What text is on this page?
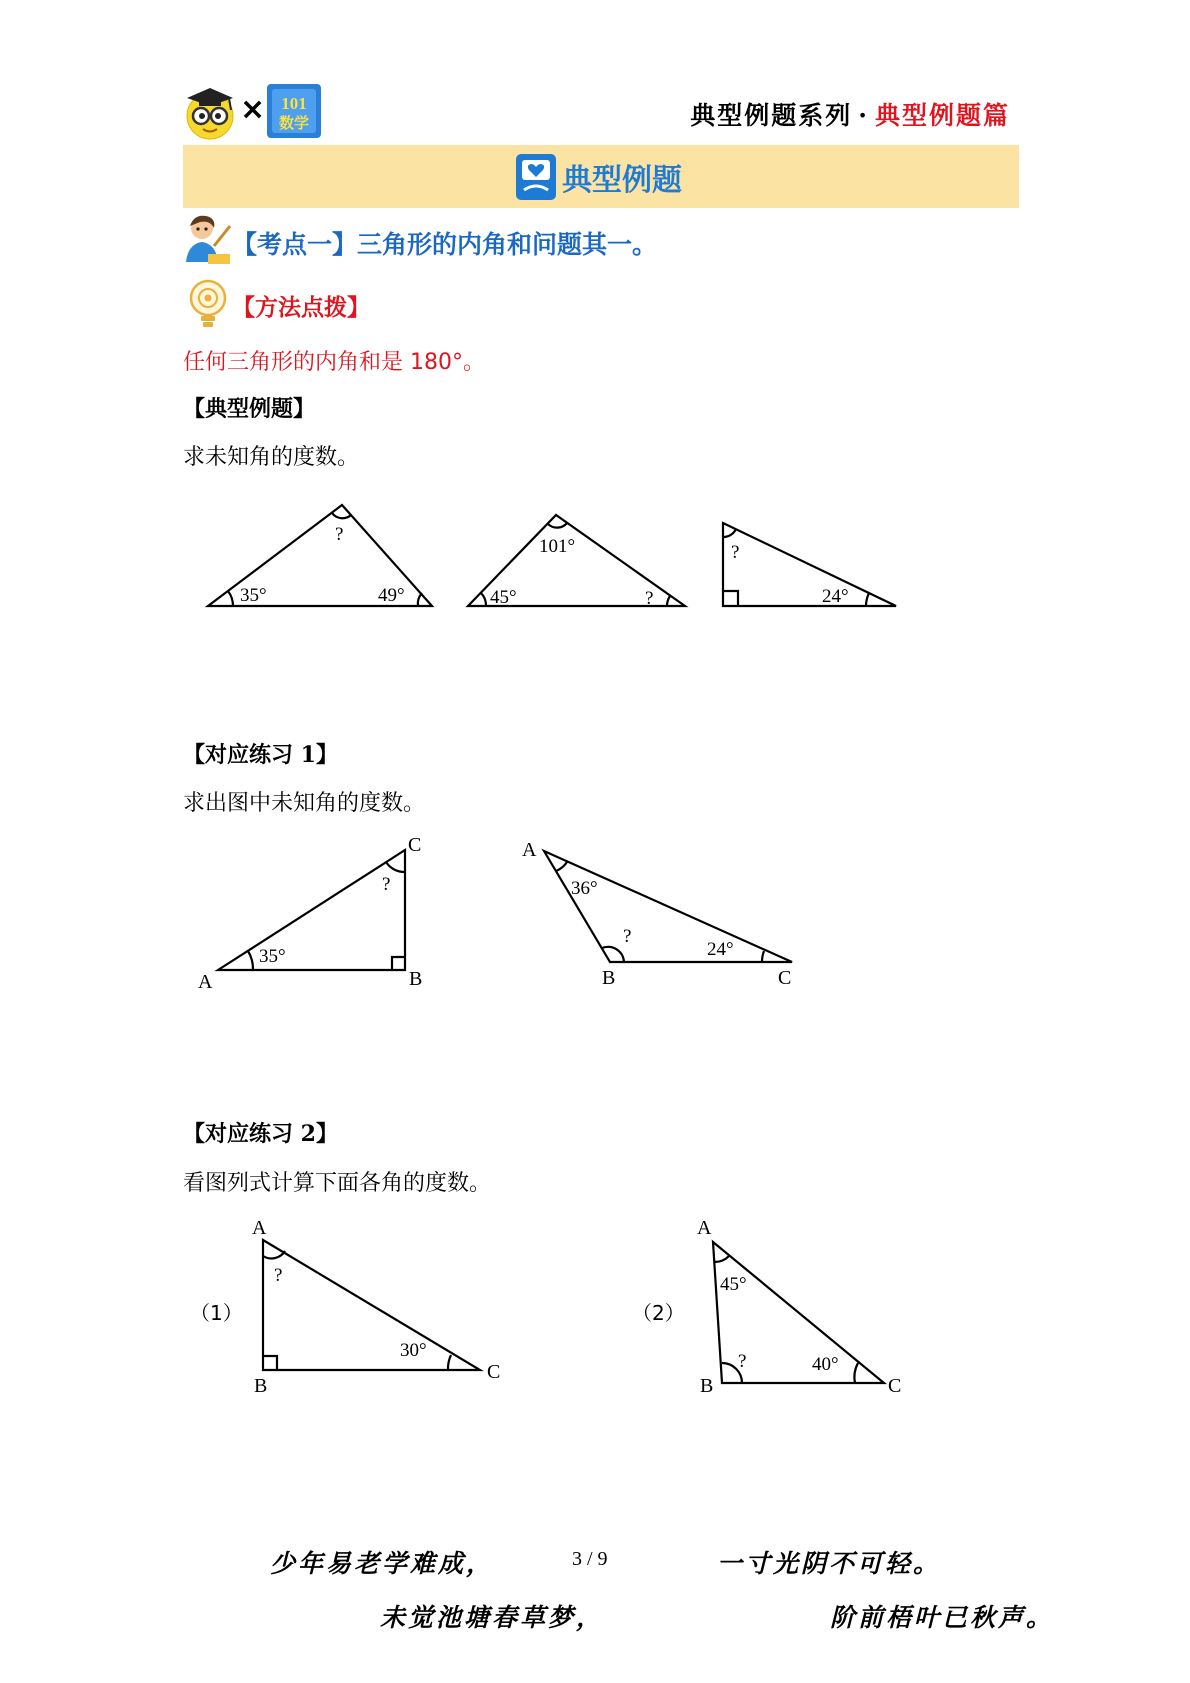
× 101
数学	典型例题系列 · 典型例题篇
典型例题
【考点一】三角形的内角和问题其一。
【方法点拨】
任何三角形的内角和是 180°。
【典型例题】
求未知角的度数。
?
35°	49°
101°
45°	?
?
24°
C
A	B
?
35°
A
B	C
36°
?
24°
A
B
C
?
30°
A
B	C
45°
?	40°
【对应练习 1】
求出图中未知角的度数。
【对应练习 2】
看图列式计算下面各角的度数。
（1）	（2）
少年易老学难成，	3 / 9	一寸光阴不可轻。
未觉池塘春草梦，	阶前梧叶已秋声。
